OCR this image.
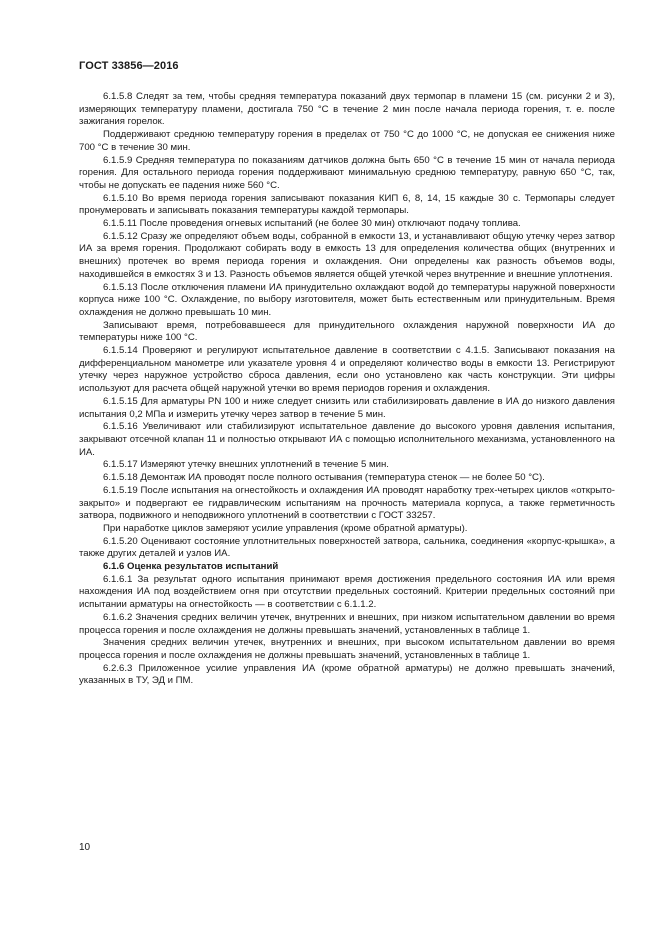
ГОСТ 33856—2016

6.1.5.8 Следят за тем, чтобы средняя температура показаний двух термопар в пламени 15 (см. рисунки 2 и 3), измеряющих температуру пламени, достигала 750 °С в течение 2 мин после начала периода горения, т. е. после зажигания горелок.

Поддерживают среднюю температуру горения в пределах от 750 °С до 1000 °С, не допуская ее снижения ниже 700 °С в течение 30 мин.

6.1.5.9 Средняя температура по показаниям датчиков должна быть 650 °С в течение 15 мин от начала периода горения. Для остального периода горения поддерживают минимальную среднюю температуру, равную 650 °С, так, чтобы не допускать ее падения ниже 560 °С.

6.1.5.10 Во время периода горения записывают показания КИП 6, 8, 14, 15 каждые 30 с. Термопары следует пронумеровать и записывать показания температуры каждой термопары.

6.1.5.11 После проведения огневых испытаний (не более 30 мин) отключают подачу топлива.

6.1.5.12 Сразу же определяют объем воды, собранной в емкости 13, и устанавливают общую утечку через затвор ИА за время горения. Продолжают собирать воду в емкость 13 для определения количества общих (внутренних и внешних) протечек во время периода горения и охлаждения. Они определены как разность объемов воды, находившейся в емкостях 3 и 13. Разность объемов является общей утечкой через внутренние и внешние уплотнения.

6.1.5.13 После отключения пламени ИА принудительно охлаждают водой до температуры наружной поверхности корпуса ниже 100 °С. Охлаждение, по выбору изготовителя, может быть естественным или принудительным. Время охлаждения не должно превышать 10 мин.

Записывают время, потребовавшееся для принудительного охлаждения наружной поверхности ИА до температуры ниже 100 °С.

6.1.5.14 Проверяют и регулируют испытательное давление в соответствии с 4.1.5. Записывают показания на дифференциальном манометре или указателе уровня 4 и определяют количество воды в емкости 13. Регистрируют утечку через наружное устройство сброса давления, если оно установлено как часть конструкции. Эти цифры используют для расчета общей наружной утечки во время периодов горения и охлаждения.

6.1.5.15 Для арматуры PN 100 и ниже следует снизить или стабилизировать давление в ИА до низкого давления испытания 0,2 МПа и измерить утечку через затвор в течение 5 мин.

6.1.5.16 Увеличивают или стабилизируют испытательное давление до высокого уровня давления испытания, закрывают отсечной клапан 11 и полностью открывают ИА с помощью исполнительного механизма, установленного на ИА.

6.1.5.17 Измеряют утечку внешних уплотнений в течение 5 мин.

6.1.5.18 Демонтаж ИА проводят после полного остывания (температура стенок — не более 50 °С).

6.1.5.19 После испытания на огнестойкость и охлаждения ИА проводят наработку трех-четырех циклов «открыто-закрыто» и подвергают ее гидравлическим испытаниям на прочность материала корпуса, а также герметичность затвора, подвижного и неподвижного уплотнений в соответствии с ГОСТ 33257.

При наработке циклов замеряют усилие управления (кроме обратной арматуры).

6.1.5.20 Оценивают состояние уплотнительных поверхностей затвора, сальника, соединения «корпус-крышка», а также других деталей и узлов ИА.

6.1.6 Оценка результатов испытаний

6.1.6.1 За результат одного испытания принимают время достижения предельного состояния ИА или время нахождения ИА под воздействием огня при отсутствии предельных состояний. Критерии предельных состояний при испытании арматуры на огнестойкость — в соответствии с 6.1.1.2.

6.1.6.2 Значения средних величин утечек, внутренних и внешних, при низком испытательном давлении во время процесса горения и после охлаждения не должны превышать значений, установленных в таблице 1.

Значения средних величин утечек, внутренних и внешних, при высоком испытательном давлении во время процесса горения и после охлаждения не должны превышать значений, установленных в таблице 1.

6.2.6.3 Приложенное усилие управления ИА (кроме обратной арматуры) не должно превышать значений, указанных в ТУ, ЭД и ПМ.

10
